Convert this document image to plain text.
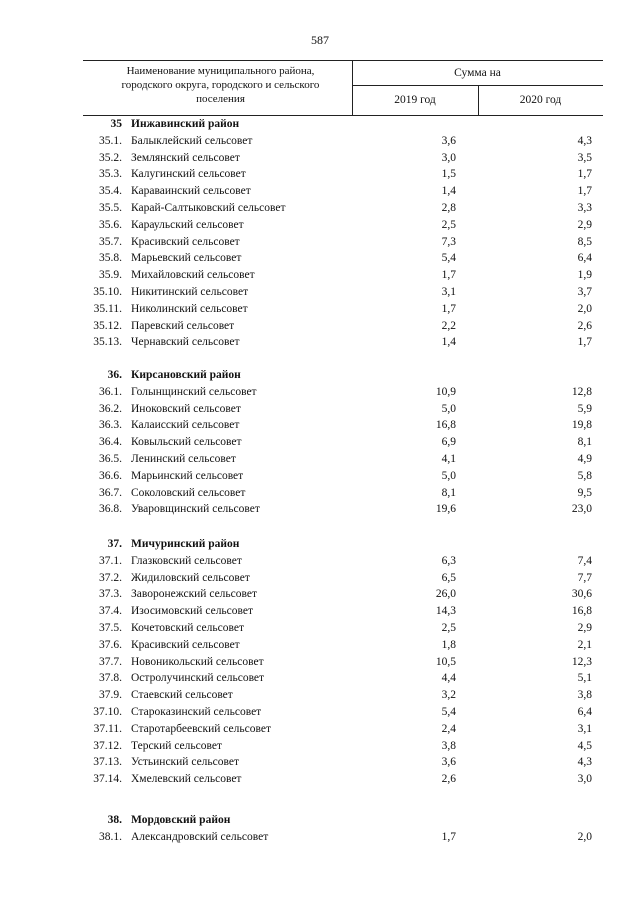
587
Наименование муниципального района, городского округа, городского и сельского поселения
Сумма на
2019 год	2020 год
35 Инжавинский район
35.1. Балыклейский сельсовет	3,6	4,3
35.2. Землянский сельсовет	3,0	3,5
35.3. Калугинский сельсовет	1,5	1,7
35.4. Караваинский сельсовет	1,4	1,7
35.5. Карай-Салтыковский сельсовет	2,8	3,3
35.6. Караульский сельсовет	2,5	2,9
35.7. Красивский сельсовет	7,3	8,5
35.8. Марьевский сельсовет	5,4	6,4
35.9. Михайловский сельсовет	1,7	1,9
35.10. Никитинский сельсовет	3,1	3,7
35.11. Николинский сельсовет	1,7	2,0
35.12. Паревский сельсовет	2,2	2,6
35.13. Чернавский сельсовет	1,4	1,7
36. Кирсановский район
36.1. Голынщинский сельсовет	10,9	12,8
36.2. Иноковский сельсовет	5,0	5,9
36.3. Калаисский сельсовет	16,8	19,8
36.4. Ковыльский сельсовет	6,9	8,1
36.5. Ленинский сельсовет	4,1	4,9
36.6. Марьинский сельсовет	5,0	5,8
36.7. Соколовский сельсовет	8,1	9,5
36.8. Уваровщинский сельсовет	19,6	23,0
37. Мичуринский район
37.1. Глазковский сельсовет	6,3	7,4
37.2. Жидиловский сельсовет	6,5	7,7
37.3. Заворонежский сельсовет	26,0	30,6
37.4. Изосимовский сельсовет	14,3	16,8
37.5. Кочетовский сельсовет	2,5	2,9
37.6. Красивский сельсовет	1,8	2,1
37.7. Новоникольский сельсовет	10,5	12,3
37.8. Остролучинский сельсовет	4,4	5,1
37.9. Стаевский сельсовет	3,2	3,8
37.10. Староказинский сельсовет	5,4	6,4
37.11. Старотарбеевский сельсовет	2,4	3,1
37.12. Терский сельсовет	3,8	4,5
37.13. Устьинский сельсовет	3,6	4,3
37.14. Хмелевский сельсовет	2,6	3,0
38. Мордовский район
38.1. Александровский сельсовет	1,7	2,0
